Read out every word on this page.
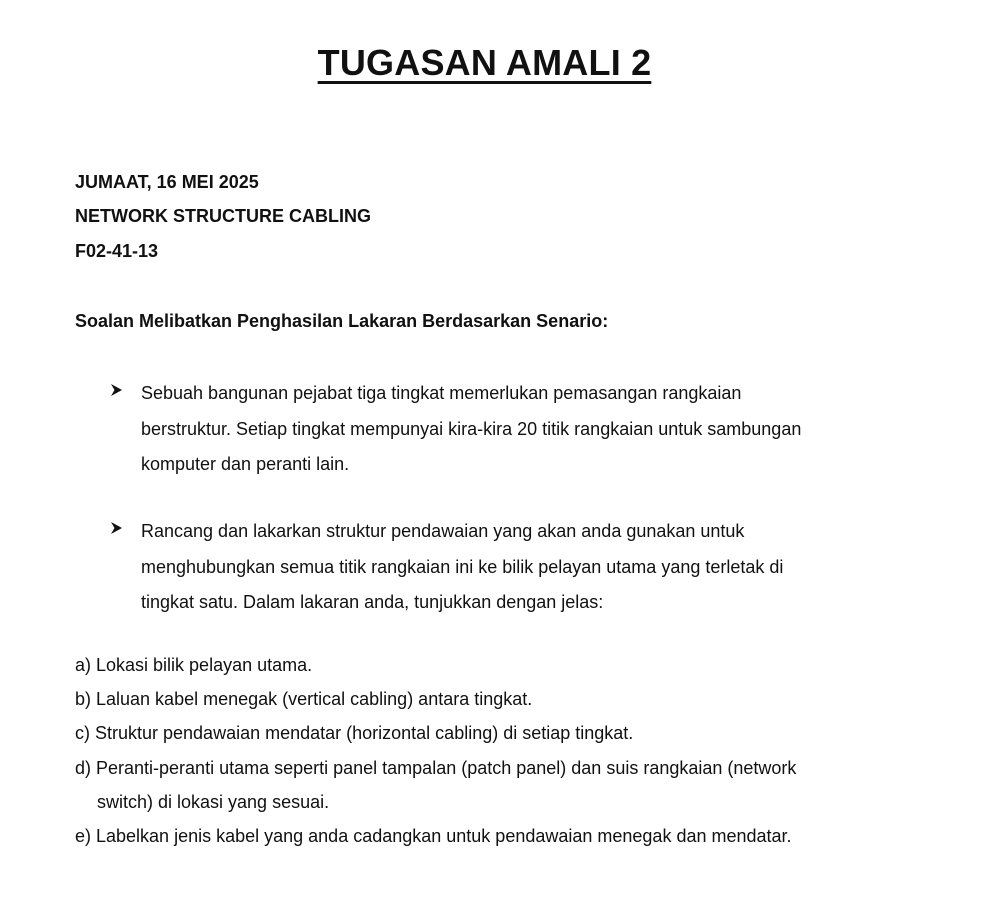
TUGASAN AMALI 2
JUMAAT, 16 MEI 2025
NETWORK STRUCTURE CABLING
F02-41-13
Soalan Melibatkan Penghasilan Lakaran Berdasarkan Senario:
Sebuah bangunan pejabat tiga tingkat memerlukan pemasangan rangkaian
berstruktur. Setiap tingkat mempunyai kira-kira 20 titik rangkaian untuk sambungan
komputer dan peranti lain.
Rancang dan lakarkan struktur pendawaian yang akan anda gunakan untuk
menghubungkan semua titik rangkaian ini ke bilik pelayan utama yang terletak di
tingkat satu. Dalam lakaran anda, tunjukkan dengan jelas:
a) Lokasi bilik pelayan utama.
b) Laluan kabel menegak (vertical cabling) antara tingkat.
c) Struktur pendawaian mendatar (horizontal cabling) di setiap tingkat.
d) Peranti-peranti utama seperti panel tampalan (patch panel) dan suis rangkaian (network
switch) di lokasi yang sesuai.
e) Labelkan jenis kabel yang anda cadangkan untuk pendawaian menegak dan mendatar.
